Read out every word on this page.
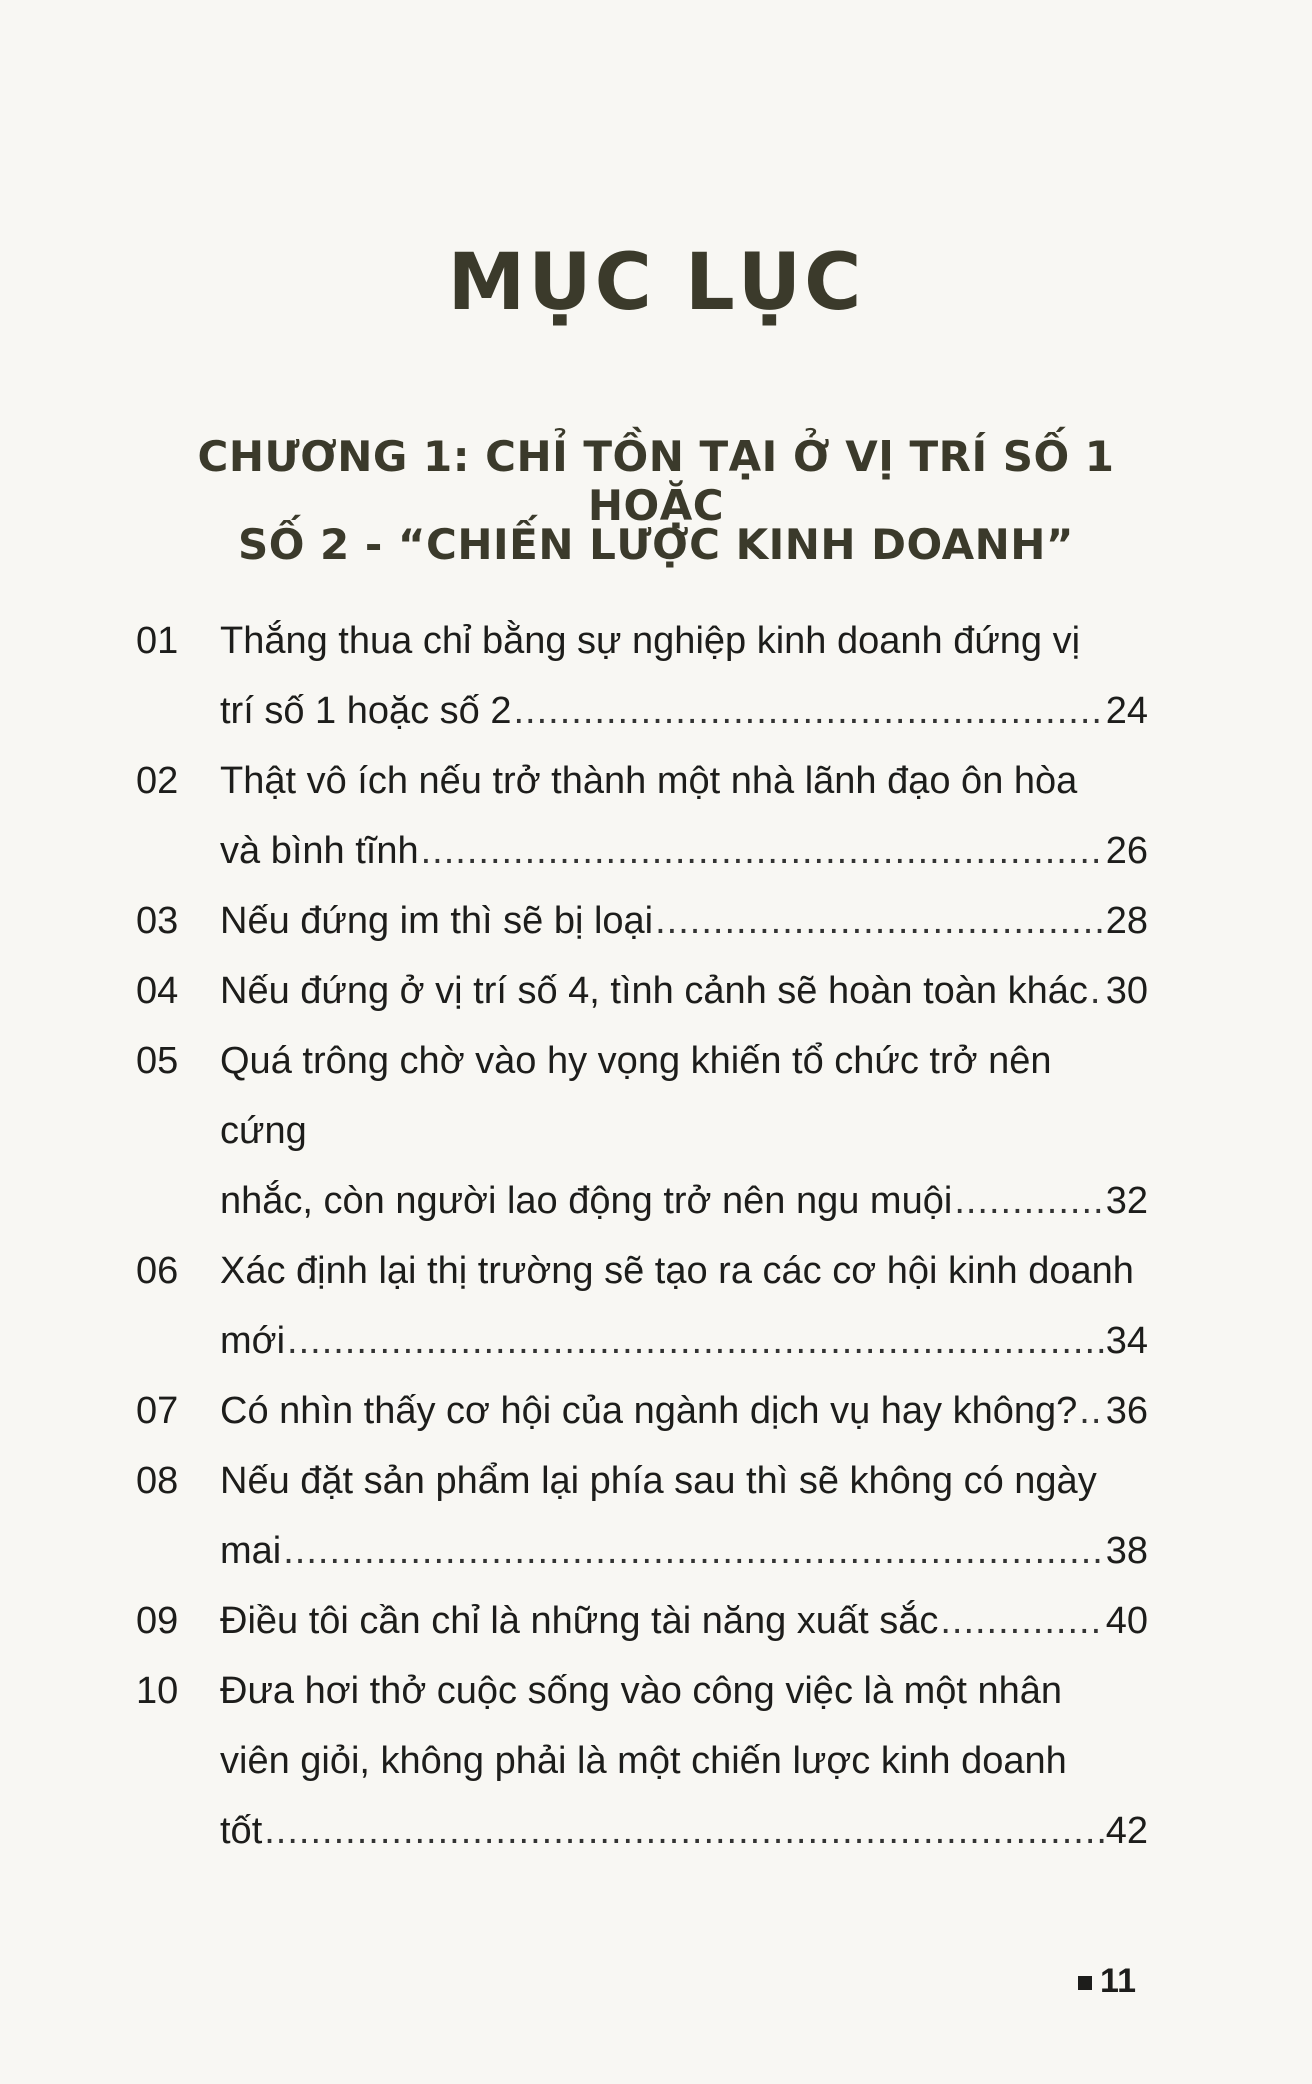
MỤC LỤC
CHƯƠNG 1: CHỈ TỒN TẠI Ở VỊ TRÍ SỐ 1 HOẶC
SỐ 2 - “CHIẾN LƯỢC KINH DOANH”
01	Thắng thua chỉ bằng sự nghiệp kinh doanh đứng vị
trí số 1 hoặc số 2 .....	24
02	Thật vô ích nếu trở thành một nhà lãnh đạo ôn hòa
và bình tĩnh .....	26
03	Nếu đứng im thì sẽ bị loại .....	28
04	Nếu đứng ở vị trí số 4, tình cảnh sẽ hoàn toàn khác ..... 30
05	Quá trông chờ vào hy vọng khiến tổ chức trở nên cứng
nhắc, còn người lao động trở nên ngu muội .....	32
06	Xác định lại thị trường sẽ tạo ra các cơ hội kinh doanh
mới .....	34
07	Có nhìn thấy cơ hội của ngành dịch vụ hay không? ..... 36
08	Nếu đặt sản phẩm lại phía sau thì sẽ không có ngày
mai .....	38
09	Điều tôi cần chỉ là những tài năng xuất sắc .....	40
10	Đưa hơi thở cuộc sống vào công việc là một nhân
viên giỏi, không phải là một chiến lược kinh doanh
tốt .....	42
11
